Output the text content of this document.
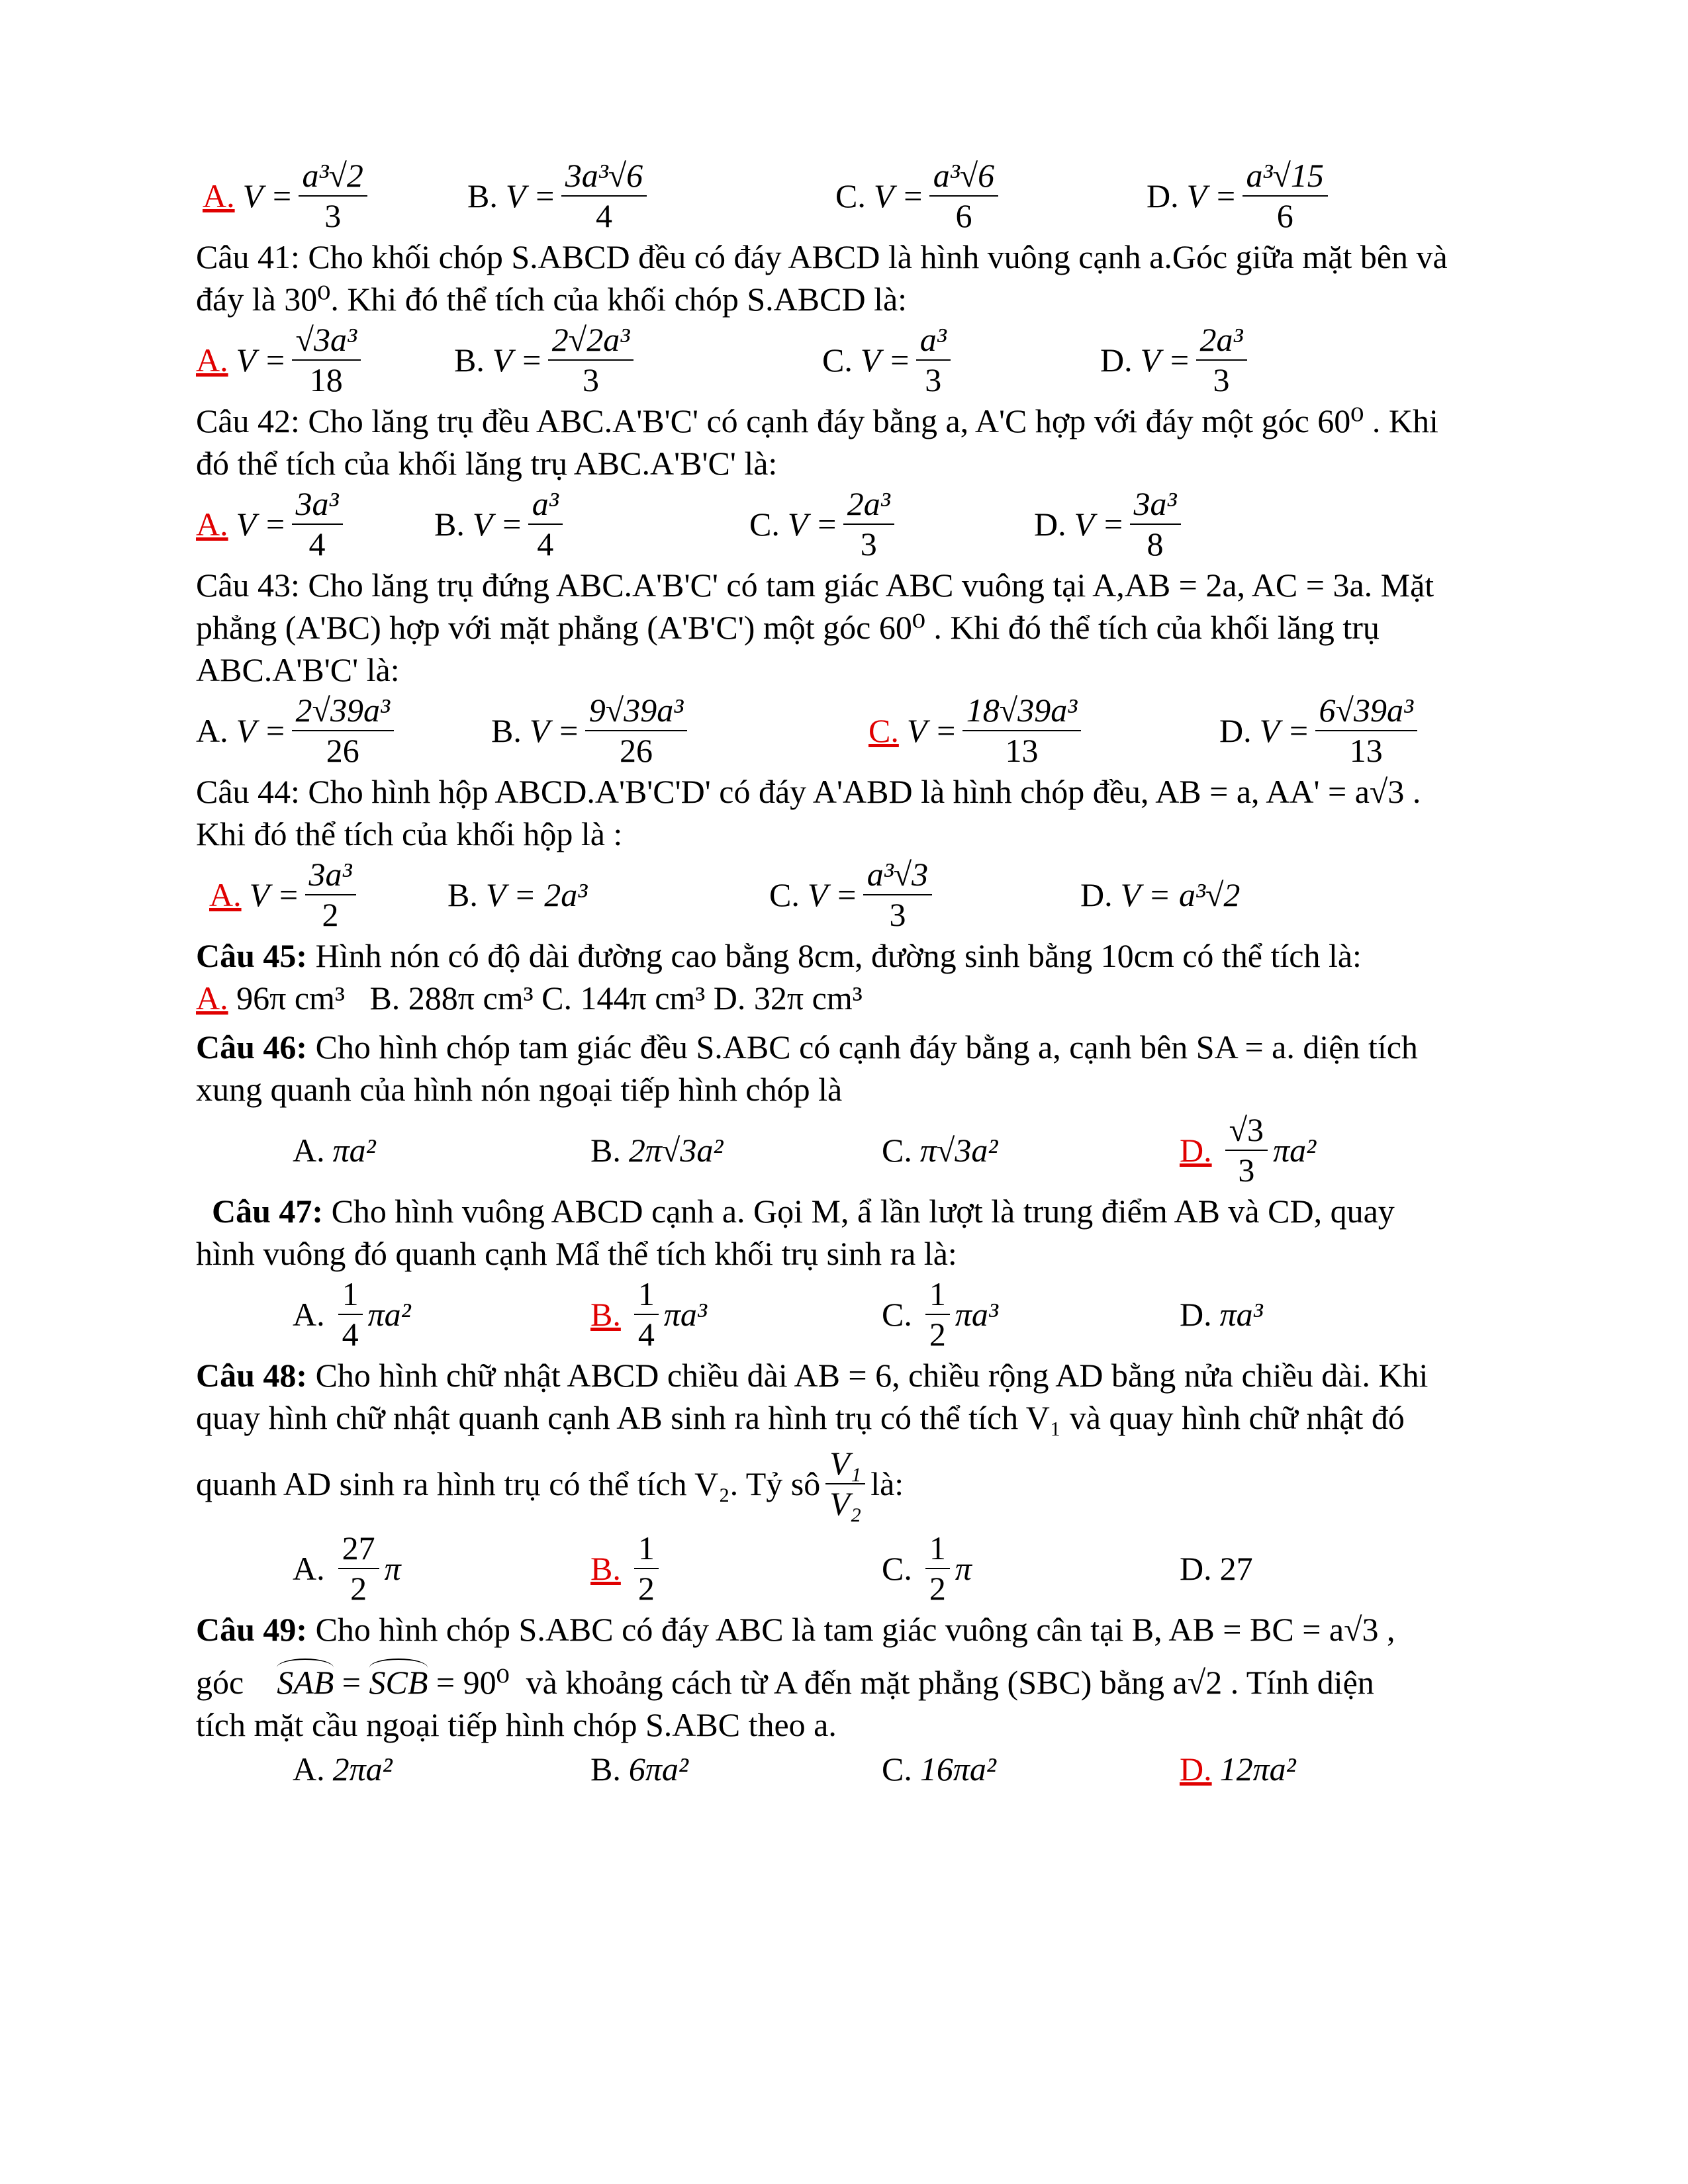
A. $V = \frac{\text{a³√2}}{3}$	B. $V = \frac{\text{3a³√6}}{4}$	C. $V = \frac{\text{a³√6}}{6}$	D. $V = \frac{\text{a³√15}}{6}$
Câu 41: Cho khối chóp S.ABCD đều có đáy ABCD là hình vuông cạnh a.Góc giữa mặt bên và
đáy là 30⁰. Khi đó thể tích của khối chóp S.ABCD là:
A. $V = \frac{\text{√3a³}}{18}$	B. $V = \frac{\text{2√2a³}}{3}$	C. $V = \frac{\text{a³}}{3}$	D. $V = \frac{\text{2a³}}{3}$
Câu 42: Cho lăng trụ đều ABC.A'B'C' có cạnh đáy bằng a, A'C hợp với đáy một góc 60⁰ . Khi
đó thể tích của khối lăng trụ ABC.A'B'C' là:
A. $V = \frac{\text{3a³}}{4}$	B. $V = \frac{\text{a³}}{4}$	C. $V = \frac{\text{2a³}}{3}$	D. $V = \frac{\text{3a³}}{8}$
Câu 43: Cho lăng trụ đứng ABC.A'B'C' có tam giác ABC vuông tại A,AB = 2a, AC = 3a. Mặt
phẳng (A'BC) hợp với mặt phẳng (A'B'C') một góc 60⁰ . Khi đó thể tích của khối lăng trụ
ABC.A'B'C' là:
A. $V = \frac{\text{2√39a³}}{26}$	B. $V = \frac{\text{9√39a³}}{26}$	C. $V = \frac{\text{18√39a³}}{13}$	D. $V = \frac{\text{6√39a³}}{13}$
Câu 44: Cho hình hộp ABCD.A'B'C'D' có đáy A'ABD là hình chóp đều, AB = a, AA' = a√3 .
Khi đó thể tích của khối hộp là :
A. $V = \frac{\text{3a³}}{2}$	B. V = 2a³	C. $V = \frac{\text{a³√3}}{3}$	D. V = a³√2
Câu 45: Hình nón có độ dài đường cao bằng 8cm, đường sinh bằng 10cm có thể tích là:
A. 96π cm³ B. 288π cm³ C. 144π cm³ D. 32π cm³
Câu 46: Cho hình chóp tam giác đều S.ABC có cạnh đáy bằng a, cạnh bên SA = a. diện tích
xung quanh của hình nón ngoại tiếp hình chóp là
A. πa²	B. 2π√3a²	C. π√3a²	D. $\frac{√3}{3} \pi a^2$
Câu 47: Cho hình vuông ABCD cạnh a. Gọi M, ẩ lần lượt là trung điểm AB và CD, quay
hình vuông đó quanh cạnh Mẩ thể tích khối trụ sinh ra là:
A. $\frac{1}{4} \pi a^2$	B. $\frac{1}{4} \pi a^3$	C. $\frac{1}{2} \pi a^3$	D. πa³
Câu 48: Cho hình chữ nhật ABCD chiều dài AB = 6, chiều rộng AD bằng nửa chiều dài. Khi
quay hình chữ nhật quanh cạnh AB sinh ra hình trụ có thể tích V₁ và quay hình chữ nhật đó
quanh AD sinh ra hình trụ có thể tích V₂. Tỷ sô $\frac{\text{V₁}}{\text{V₂}}$ là:
A. $\frac{27}{2}$ π	B. $\frac{1}{2}$	C. $\frac{1}{2}$ π	D. 27
Câu 49: Cho hình chóp S.ABC có đáy ABC là tam giác vuông cân tại B, AB = BC = a√3 ,
góc
SAB
=
SCB
= 90⁰
và khoảng cách từ A đến mặt phẳng (SBC) bằng a√2 . Tính diện
tích mặt cầu ngoại tiếp hình chóp S.ABC theo a.
A. 2πa²	B. 6πa²	C. 16πa²	D. 12πa²
